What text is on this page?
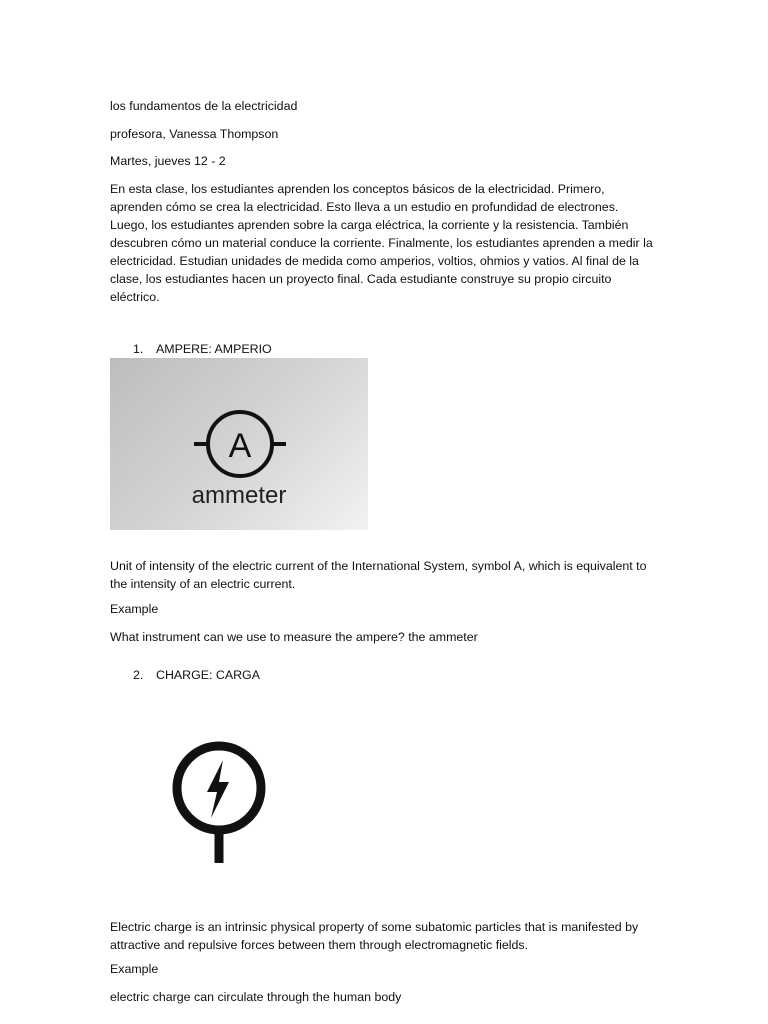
los fundamentos de la electricidad
profesora, Vanessa Thompson
Martes, jueves 12 - 2
En esta clase, los estudiantes aprenden los conceptos básicos de la electricidad. Primero, aprenden cómo se crea la electricidad. Esto lleva a un estudio en profundidad de electrones. Luego, los estudiantes aprenden sobre la carga eléctrica, la corriente y la resistencia. También descubren cómo un material conduce la corriente. Finalmente, los estudiantes aprenden a medir la electricidad. Estudian unidades de medida como amperios, voltios, ohmios y vatios. Al final de la clase, los estudiantes hacen un proyecto final. Cada estudiante construye su propio circuito eléctrico.
1. AMPERE: AMPERIO
A
ammeter
Unit of intensity of the electric current of the International System, symbol A, which is equivalent to the intensity of an electric current.
Example
What instrument can we use to measure the ampere? the ammeter
2. CHARGE: CARGA
Electric charge is an intrinsic physical property of some subatomic particles that is manifested by attractive and repulsive forces between them through electromagnetic fields.
Example
electric charge can circulate through the human body
